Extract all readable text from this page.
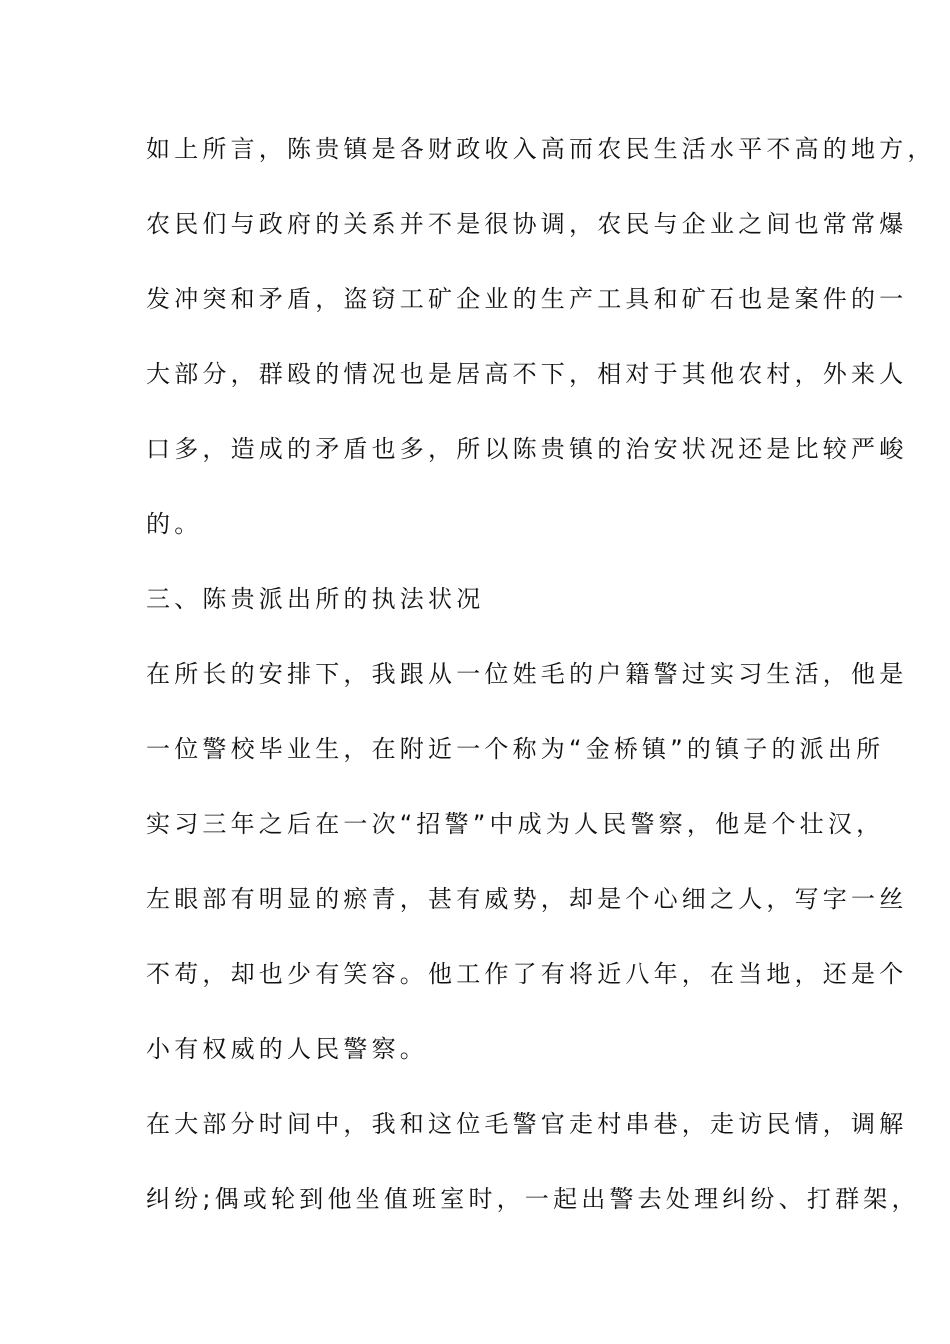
如上所言，陈贵镇是各财政收入高而农民生活水平不高的地方，
农民们与政府的关系并不是很协调，农民与企业之间也常常爆
发冲突和矛盾，盗窃工矿企业的生产工具和矿石也是案件的一
大部分，群殴的情况也是居高不下，相对于其他农村，外来人
口多，造成的矛盾也多，所以陈贵镇的治安状况还是比较严峻
的。
三、陈贵派出所的执法状况
在所长的安排下，我跟从一位姓毛的户籍警过实习生活，他是
一位警校毕业生，在附近一个称为“金桥镇”的镇子的派出所
实习三年之后在一次“招警”中成为人民警察，他是个壮汉，
左眼部有明显的瘀青，甚有威势，却是个心细之人，写字一丝
不苟，却也少有笑容。他工作了有将近八年，在当地，还是个
小有权威的人民警察。
在大部分时间中，我和这位毛警官走村串巷，走访民情，调解
纠纷;偶或轮到他坐值班室时，一起出警去处理纠纷、打群架，
